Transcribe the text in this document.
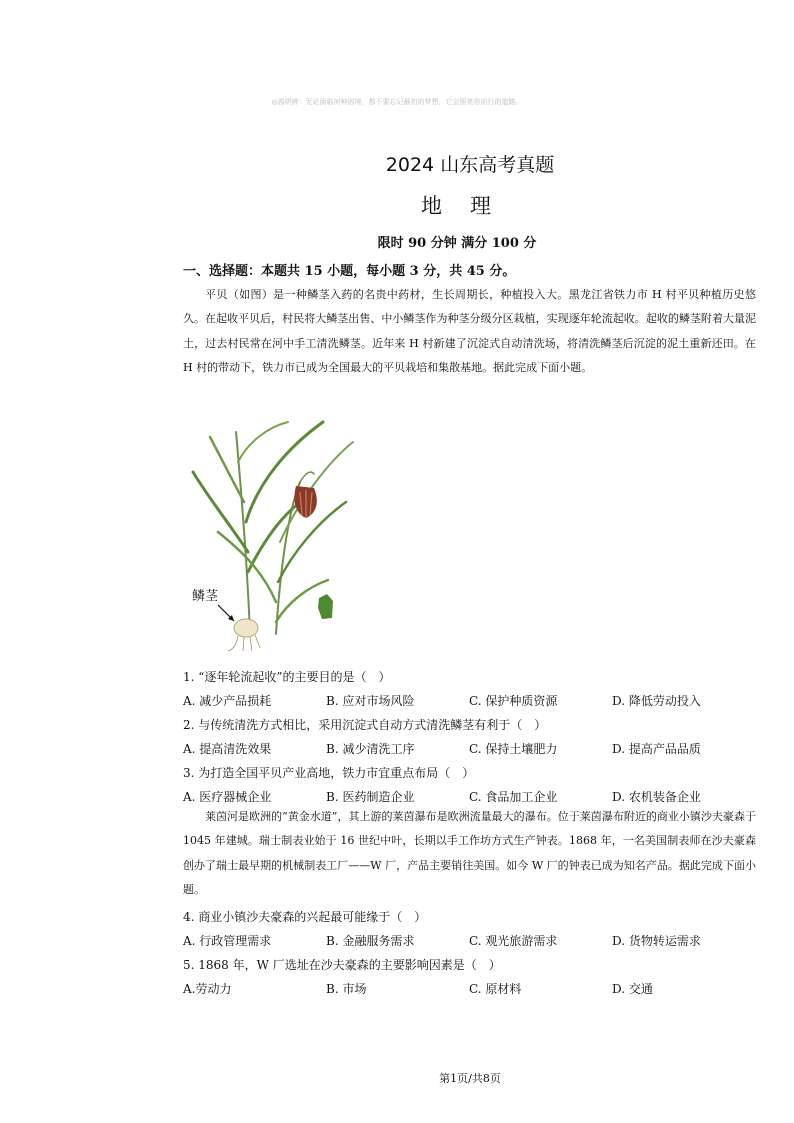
◎源明辨：无论面临何种困境，都不要忘记最初的梦想，它会照亮你前行的道路。
2024 山东高考真题
地理
限时 90 分钟 满分 100 分
一、选择题：本题共 15 小题，每小题 3 分，共 45 分。
平贝（如图）是一种鳞茎入药的名贵中药材，生长周期长，种植投入大。黑龙江省铁力市 H 村平贝种植历史悠久。在起收平贝后，村民将大鳞茎出售、中小鳞茎作为种茎分级分区栽植，实现逐年轮流起收。起收的鳞茎附着大量泥土，过去村民常在河中手工清洗鳞茎。近年来 H 村新建了沉淀式自动清洗场，将清洗鳞茎后沉淀的泥土重新还田。在 H 村的带动下，铁力市已成为全国最大的平贝栽培和集散基地。据此完成下面小题。
鳞茎
1. “逐年轮流起收”的主要目的是（　）
A. 减少产品损耗	B. 应对市场风险	C. 保护种质资源	D. 降低劳动投入
2. 与传统清洗方式相比，采用沉淀式自动方式清洗鳞茎有利于（　）
A. 提高清洗效果	B. 减少清洗工序	C. 保持土壤肥力	D. 提高产品品质
3. 为打造全国平贝产业高地，铁力市宜重点布局（　）
A. 医疗器械企业	B. 医药制造企业	C. 食品加工企业	D. 农机装备企业
莱茵河是欧洲的“黄金水道”，其上游的莱茵瀑布是欧洲流量最大的瀑布。位于莱茵瀑布附近的商业小镇沙夫豪森于 1045 年建城。瑞士制表业始于 16 世纪中叶，长期以手工作坊方式生产钟表。1868 年，一名美国制表师在沙夫豪森创办了瑞士最早期的机械制表工厂——W 厂，产品主要销往美国。如今 W 厂的钟表已成为知名产品。据此完成下面小题。
4. 商业小镇沙夫豪森的兴起最可能缘于（　）
A. 行政管理需求	B. 金融服务需求	C. 观光旅游需求	D. 货物转运需求
5. 1868 年，W 厂选址在沙夫豪森的主要影响因素是（　）
A.劳动力	B. 市场	C. 原材料	D. 交通
第1页/共8页
